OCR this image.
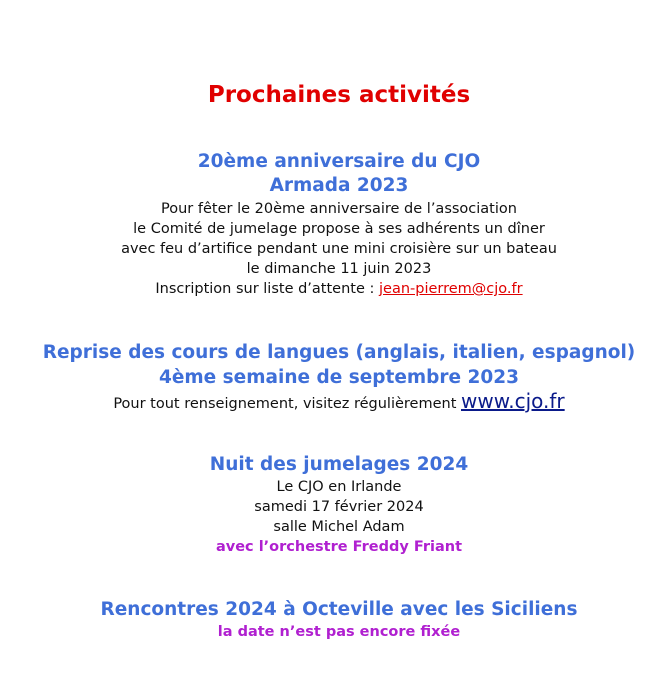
Prochaines activités
20ème anniversaire du CJO
Armada 2023
Pour fêter le 20ème anniversaire de l’association
le Comité de jumelage propose à ses adhérents un dîner
avec feu d’artifice pendant une mini croisière sur un bateau
le dimanche 11 juin 2023
Inscription sur liste d’attente : jean-pierrem@cjo.fr
Reprise des cours de langues (anglais, italien, espagnol)
4ème semaine de septembre 2023
Pour tout renseignement, visitez régulièrement www.cjo.fr
Nuit des jumelages 2024
Le CJO en Irlande
samedi 17 février 2024
salle Michel Adam
avec l’orchestre Freddy Friant
Rencontres 2024 à Octeville avec les Siciliens
la date n’est pas encore fixée
